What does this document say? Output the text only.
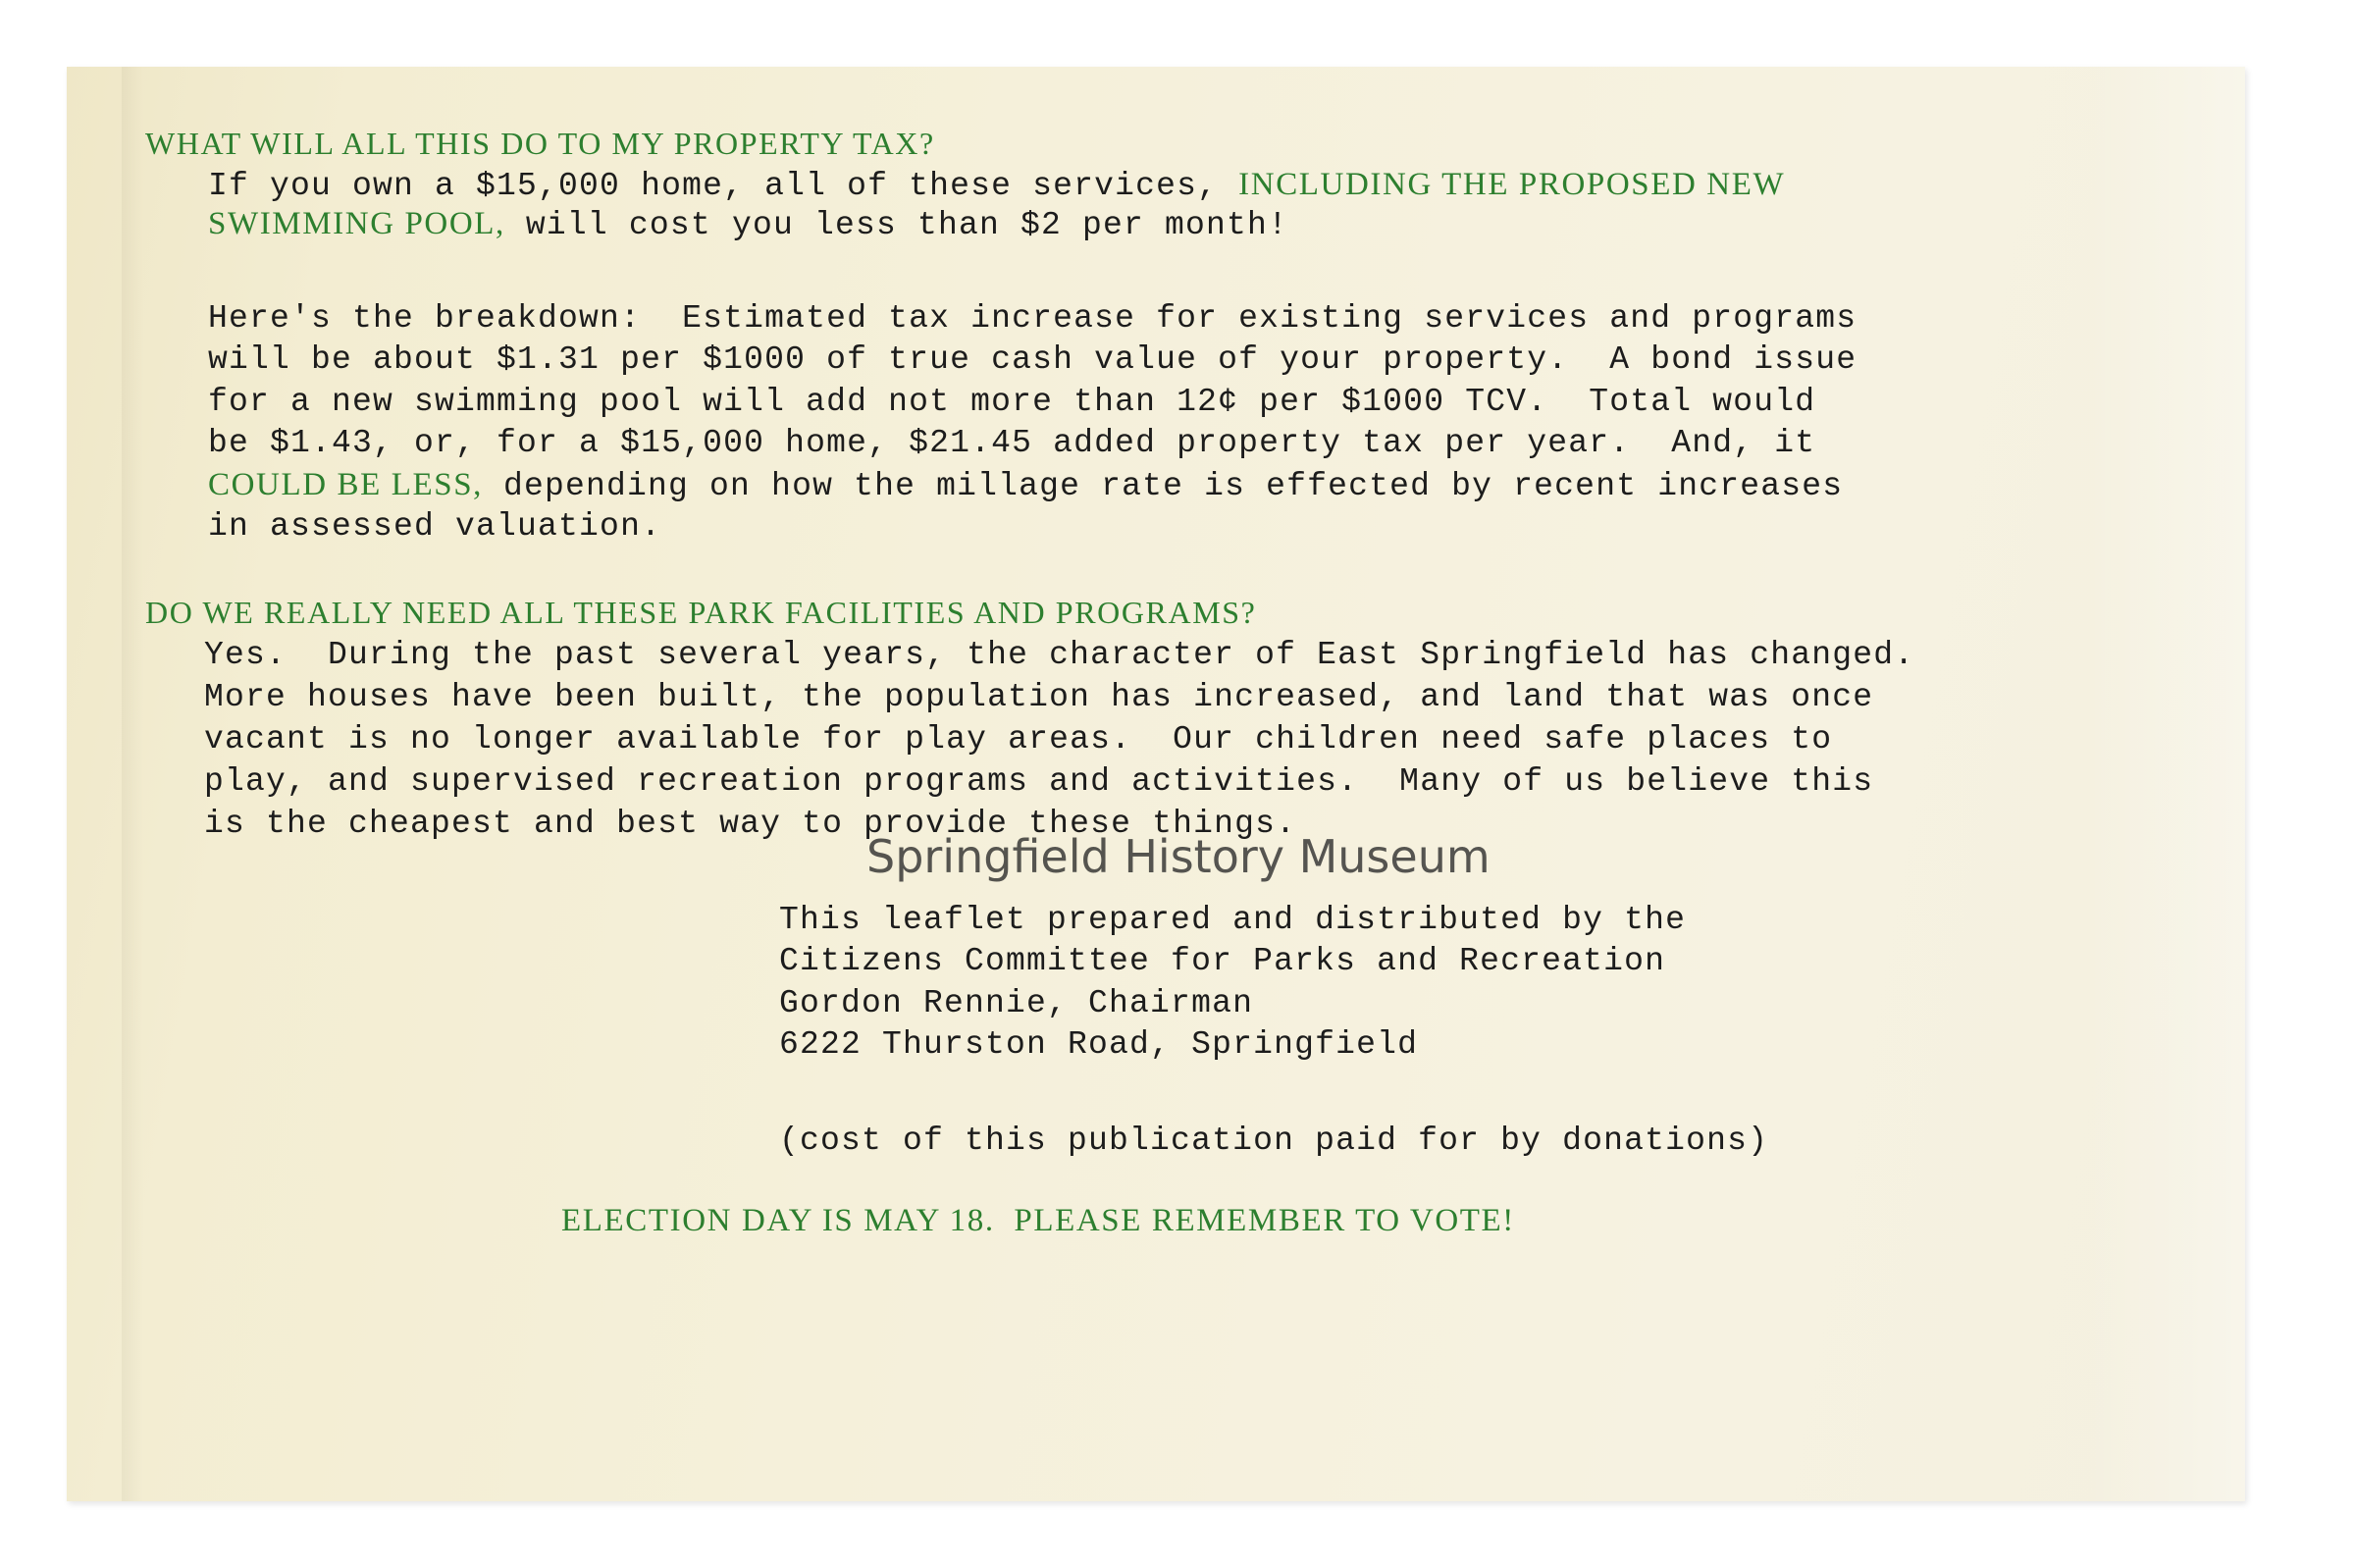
WHAT WILL ALL THIS DO TO MY PROPERTY TAX?
If you own a $15,000 home, all of these services, INCLUDING THE PROPOSED NEW
SWIMMING POOL, will cost you less than $2 per month!
Here's the breakdown:  Estimated tax increase for existing services and programs
will be about $1.31 per $1000 of true cash value of your property.  A bond issue
for a new swimming pool will add not more than 12¢ per $1000 TCV.  Total would
be $1.43, or, for a $15,000 home, $21.45 added property tax per year.  And, it
COULD BE LESS, depending on how the millage rate is effected by recent increases
in assessed valuation.
DO WE REALLY NEED ALL THESE PARK FACILITIES AND PROGRAMS?
Yes.  During the past several years, the character of East Springfield has changed.
More houses have been built, the population has increased, and land that was once
vacant is no longer available for play areas.  Our children need safe places to
play, and supervised recreation programs and activities.  Many of us believe this
is the cheapest and best way to provide these things.
This leaflet prepared and distributed by the
Citizens Committee for Parks and Recreation
Gordon Rennie, Chairman
6222 Thurston Road, Springfield
(cost of this publication paid for by donations)
ELECTION DAY IS MAY 18.  PLEASE REMEMBER TO VOTE!
Springfield History Museum
